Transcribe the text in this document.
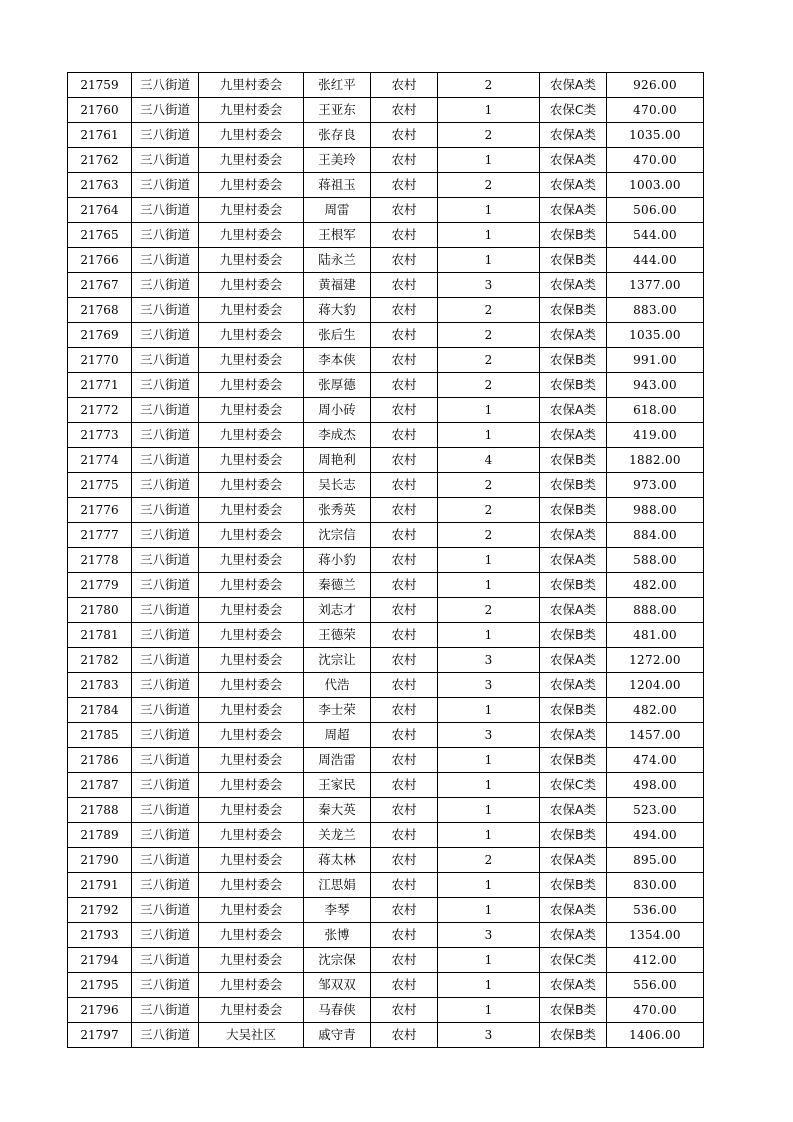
21759	三八街道	九里村委会	张红平	农村	2	农保A类	926.00
21760	三八街道	九里村委会	王亚东	农村	1	农保C类	470.00
21761	三八街道	九里村委会	张存良	农村	2	农保A类	1035.00
21762	三八街道	九里村委会	王美玲	农村	1	农保A类	470.00
21763	三八街道	九里村委会	蒋祖玉	农村	2	农保A类	1003.00
21764	三八街道	九里村委会	周雷	农村	1	农保A类	506.00
21765	三八街道	九里村委会	王根军	农村	1	农保B类	544.00
21766	三八街道	九里村委会	陆永兰	农村	1	农保B类	444.00
21767	三八街道	九里村委会	黄福建	农村	3	农保A类	1377.00
21768	三八街道	九里村委会	蒋大豹	农村	2	农保B类	883.00
21769	三八街道	九里村委会	张后生	农村	2	农保A类	1035.00
21770	三八街道	九里村委会	李本侠	农村	2	农保B类	991.00
21771	三八街道	九里村委会	张厚德	农村	2	农保B类	943.00
21772	三八街道	九里村委会	周小砖	农村	1	农保A类	618.00
21773	三八街道	九里村委会	李成杰	农村	1	农保A类	419.00
21774	三八街道	九里村委会	周艳利	农村	4	农保B类	1882.00
21775	三八街道	九里村委会	吴长志	农村	2	农保B类	973.00
21776	三八街道	九里村委会	张秀英	农村	2	农保B类	988.00
21777	三八街道	九里村委会	沈宗信	农村	2	农保A类	884.00
21778	三八街道	九里村委会	蒋小豹	农村	1	农保A类	588.00
21779	三八街道	九里村委会	秦德兰	农村	1	农保B类	482.00
21780	三八街道	九里村委会	刘志才	农村	2	农保A类	888.00
21781	三八街道	九里村委会	王德荣	农村	1	农保B类	481.00
21782	三八街道	九里村委会	沈宗让	农村	3	农保A类	1272.00
21783	三八街道	九里村委会	代浩	农村	3	农保A类	1204.00
21784	三八街道	九里村委会	李士荣	农村	1	农保B类	482.00
21785	三八街道	九里村委会	周超	农村	3	农保A类	1457.00
21786	三八街道	九里村委会	周浩雷	农村	1	农保B类	474.00
21787	三八街道	九里村委会	王家民	农村	1	农保C类	498.00
21788	三八街道	九里村委会	秦大英	农村	1	农保A类	523.00
21789	三八街道	九里村委会	关龙兰	农村	1	农保B类	494.00
21790	三八街道	九里村委会	蒋太林	农村	2	农保A类	895.00
21791	三八街道	九里村委会	江思娟	农村	1	农保B类	830.00
21792	三八街道	九里村委会	李琴	农村	1	农保A类	536.00
21793	三八街道	九里村委会	张博	农村	3	农保A类	1354.00
21794	三八街道	九里村委会	沈宗保	农村	1	农保C类	412.00
21795	三八街道	九里村委会	邹双双	农村	1	农保A类	556.00
21796	三八街道	九里村委会	马春侠	农村	1	农保B类	470.00
21797	三八街道	大吴社区	戚守青	农村	3	农保B类	1406.00
